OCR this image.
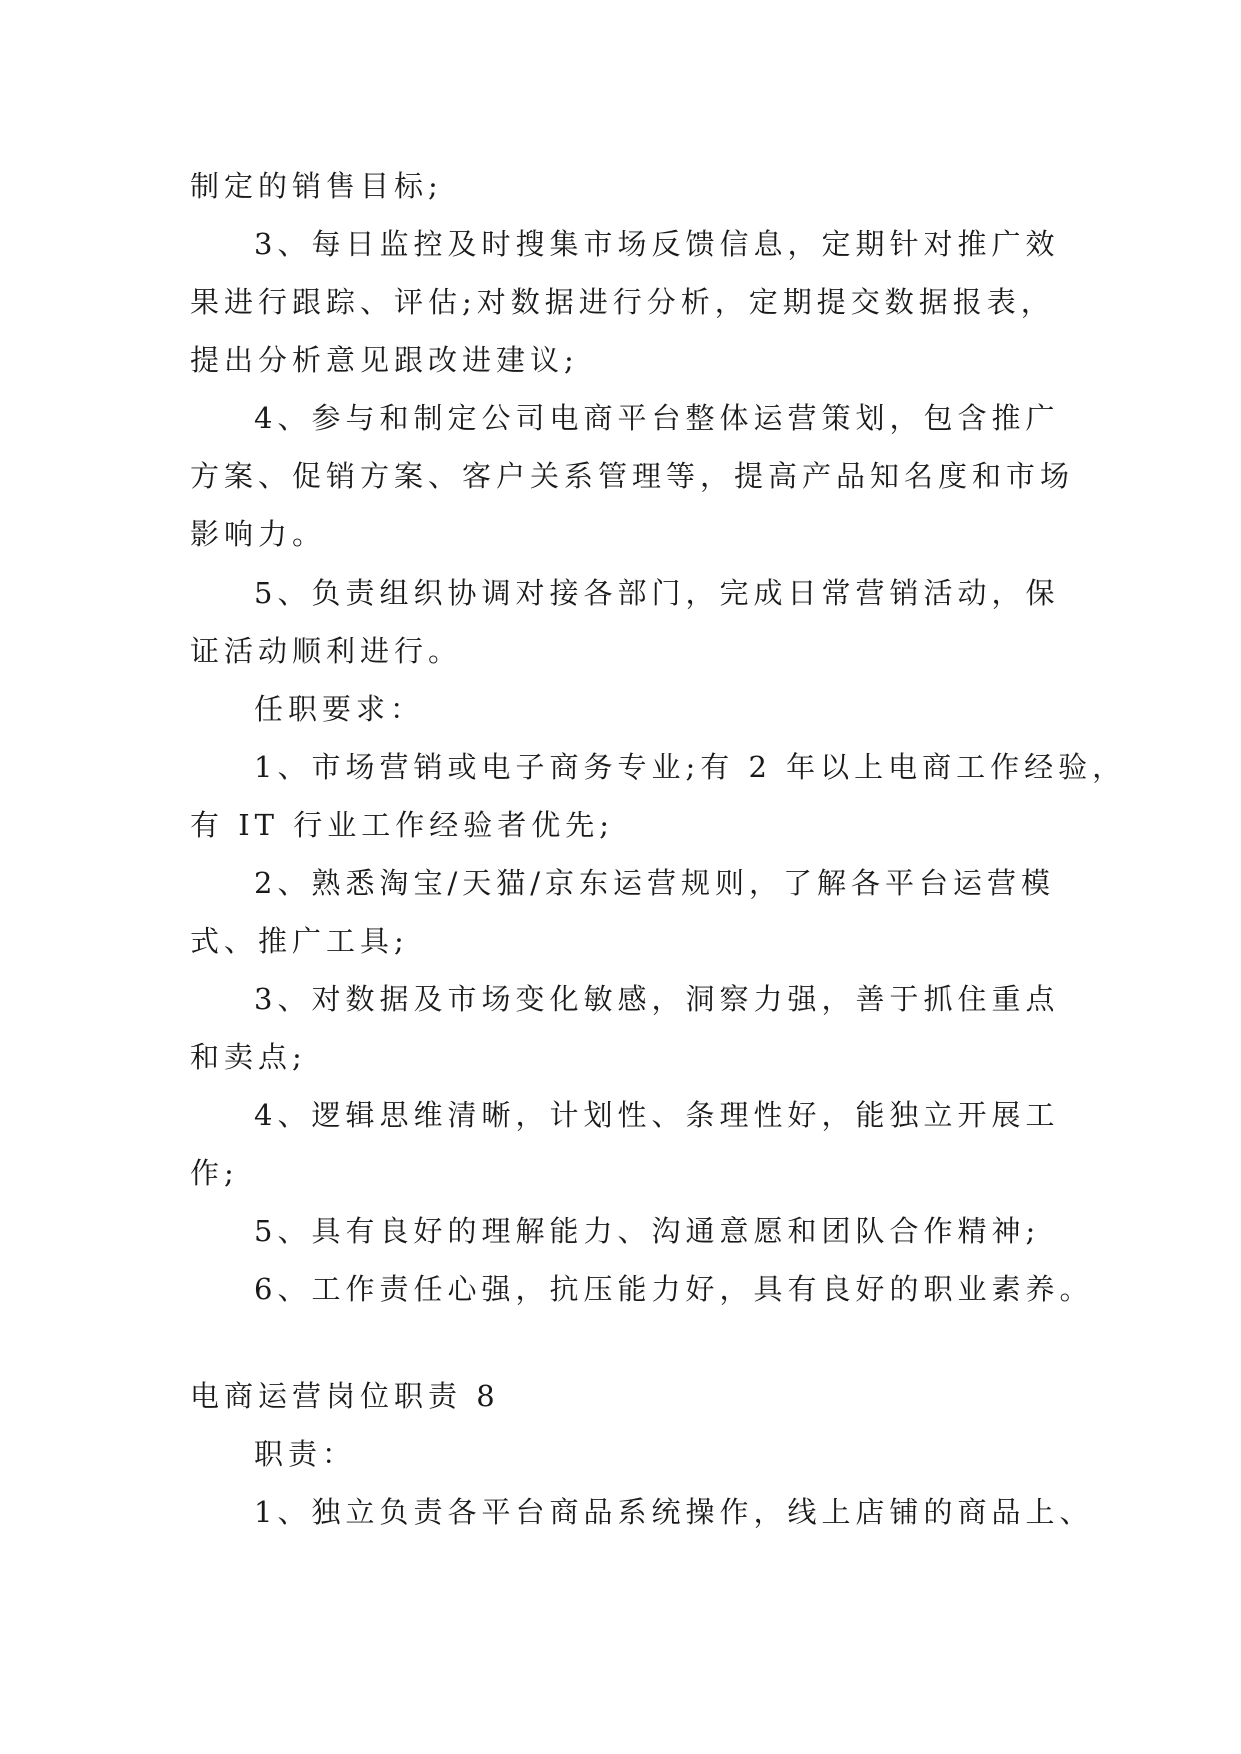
制定的销售目标;
3、每日监控及时搜集市场反馈信息，定期针对推广效
果进行跟踪、评估;对数据进行分析，定期提交数据报表，
提出分析意见跟改进建议;
4、参与和制定公司电商平台整体运营策划，包含推广
方案、促销方案、客户关系管理等，提高产品知名度和市场
影响力。
5、负责组织协调对接各部门，完成日常营销活动，保
证活动顺利进行。
任职要求：
1、市场营销或电子商务专业;有 2 年以上电商工作经验，
有 IT 行业工作经验者优先;
2、熟悉淘宝/天猫/京东运营规则，了解各平台运营模
式、推广工具;
3、对数据及市场变化敏感，洞察力强，善于抓住重点
和卖点;
4、逻辑思维清晰，计划性、条理性好，能独立开展工
作;
5、具有良好的理解能力、沟通意愿和团队合作精神;
6、工作责任心强，抗压能力好，具有良好的职业素养。
电商运营岗位职责 8
职责：
1、独立负责各平台商品系统操作，线上店铺的商品上、
